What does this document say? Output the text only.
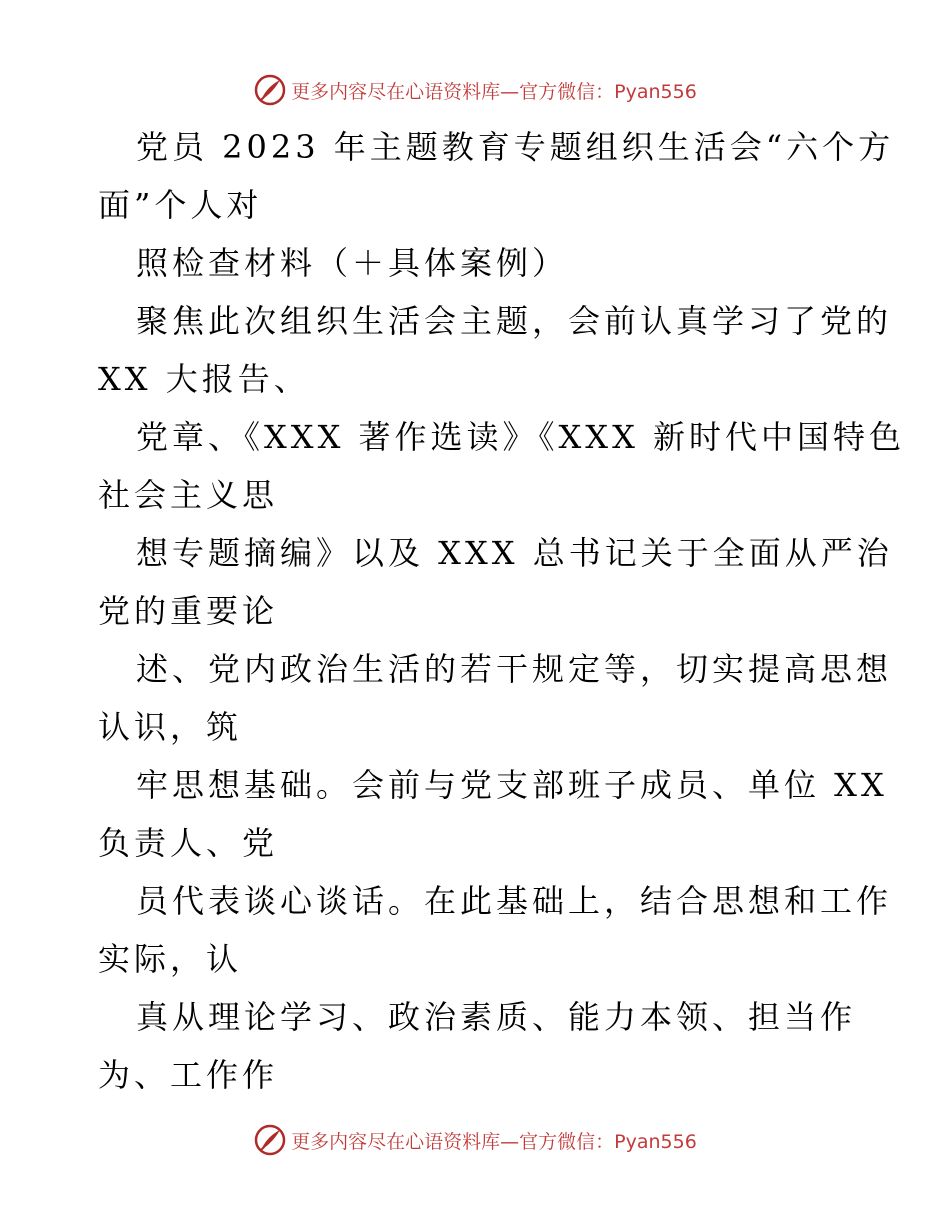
更多内容尽在心语资料库—官方微信：Pyan556
党员 2023 年主题教育专题组织生活会“六个方
面”个人对
照检查材料（＋具体案例）
聚焦此次组织生活会主题，会前认真学习了党的
XX 大报告、
党章、《XXX 著作选读》《XXX 新时代中国特色
社会主义思
想专题摘编》以及 XXX 总书记关于全面从严治
党的重要论
述、党内政治生活的若干规定等，切实提高思想
认识，筑
牢思想基础。会前与党支部班子成员、单位 XX
负责人、党
员代表谈心谈话。在此基础上，结合思想和工作
实际，认
真从理论学习、政治素质、能力本领、担当作
为、工作作
更多内容尽在心语资料库—官方微信：Pyan556
